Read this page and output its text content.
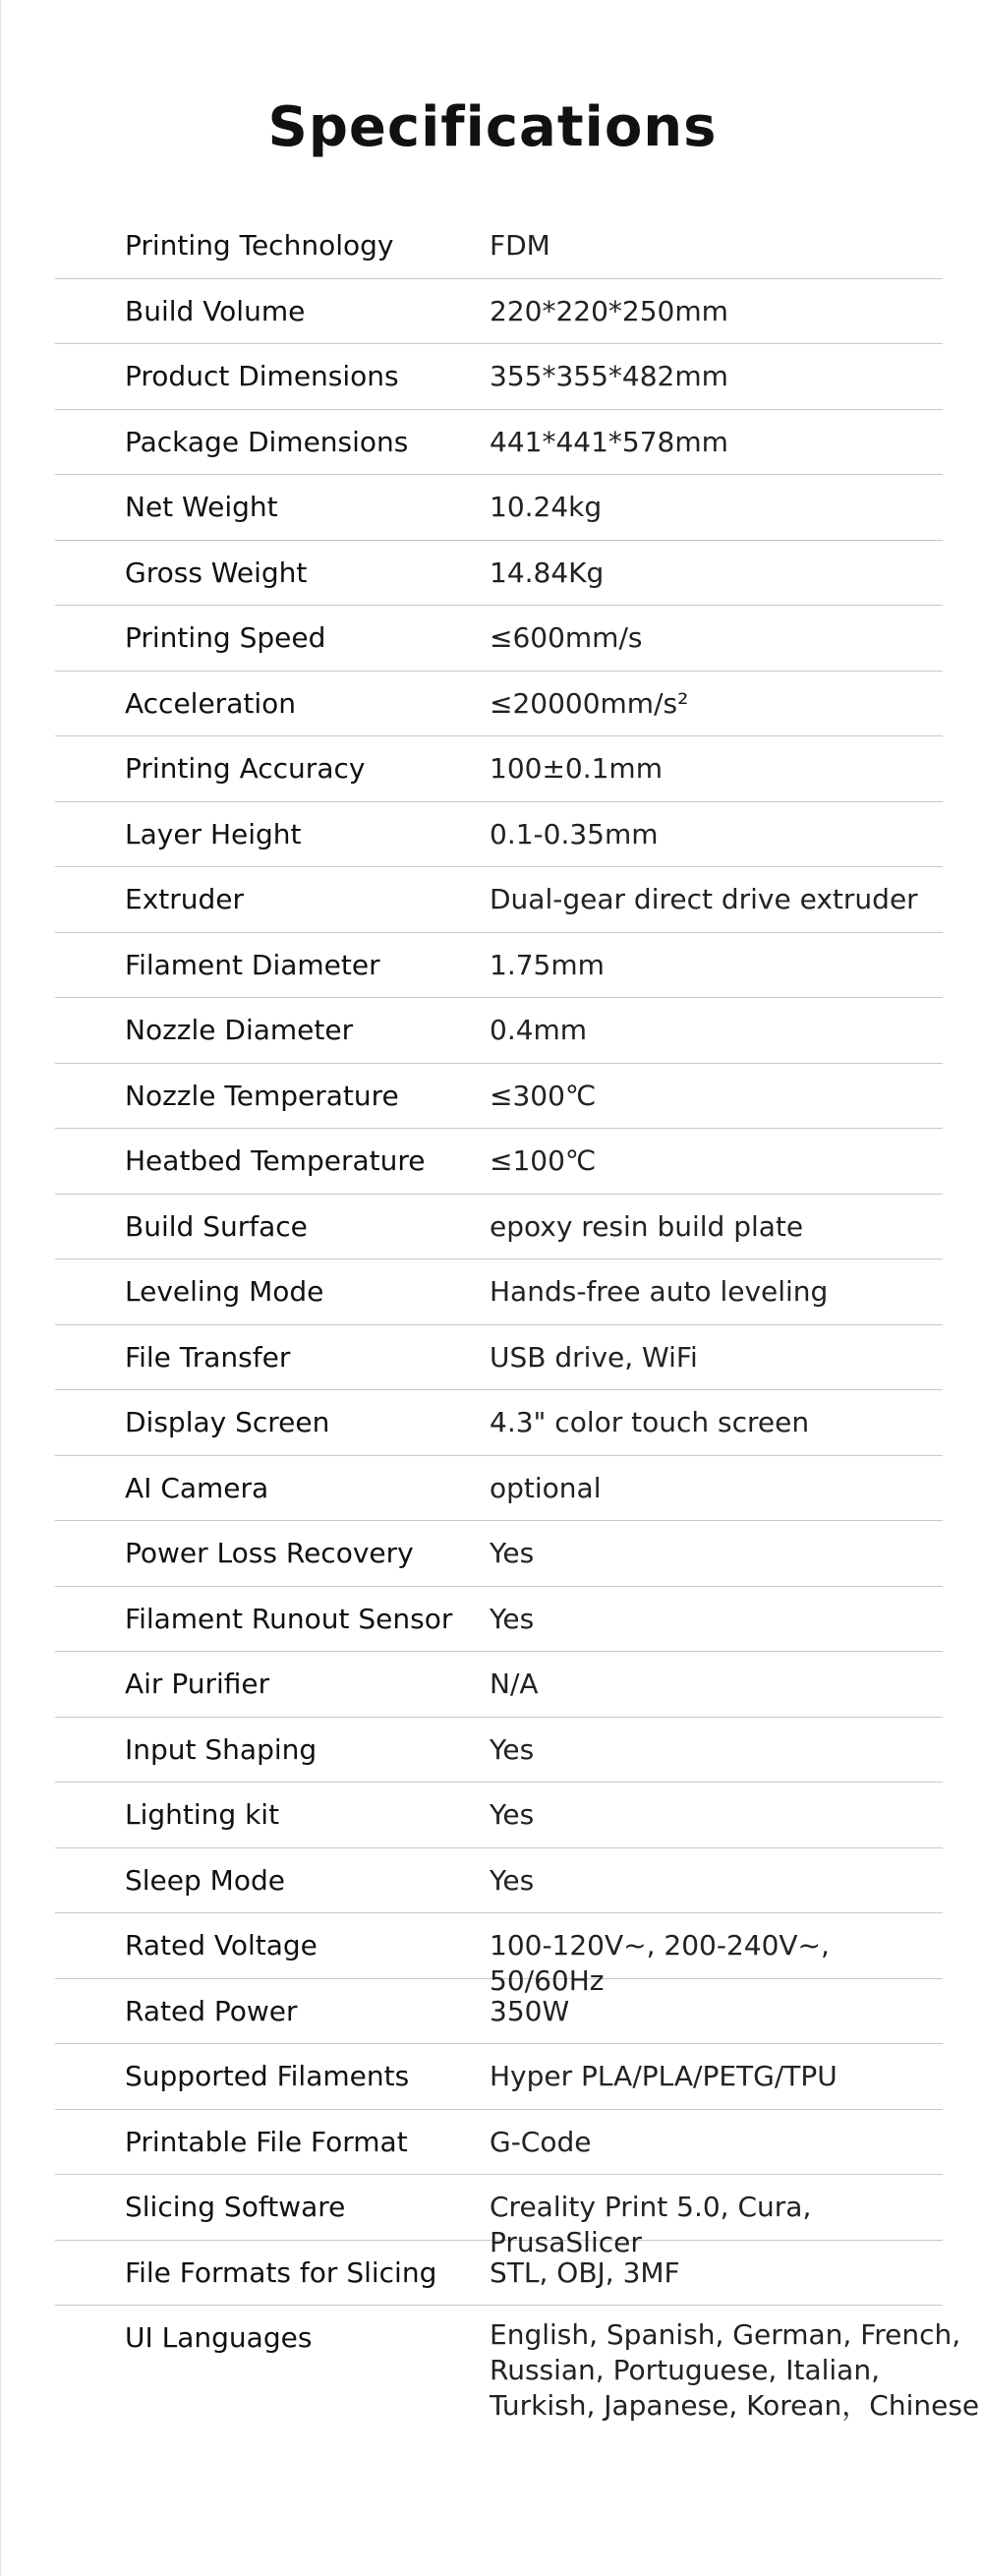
Specifications
Printing Technology	FDM
Build Volume	220*220*250mm
Product Dimensions	355*355*482mm
Package Dimensions	441*441*578mm
Net Weight	10.24kg
Gross Weight	14.84Kg
Printing Speed	≤600mm/s
Acceleration	≤20000mm/s²
Printing Accuracy	100±0.1mm
Layer Height	0.1-0.35mm
Extruder	Dual-gear direct drive extruder
Filament Diameter	1.75mm
Nozzle Diameter	0.4mm
Nozzle Temperature	≤300℃
Heatbed Temperature ≤100℃
Build Surface	epoxy resin build plate
Leveling Mode	Hands-free auto leveling
File Transfer	USB drive, WiFi
Display Screen	4.3" color touch screen
AI Camera	optional
Power Loss Recovery	Yes
Filament Runout Sensor Yes
Air Purifier	N/A
Input Shaping	Yes
Lighting kit	Yes
Sleep Mode	Yes
Rated Voltage	100-120V~, 200-240V~, 50/60Hz
Rated Power	350W
Supported Filaments	Hyper PLA/PLA/PETG/TPU
Printable File Format	G-Code
Slicing Software	Creality Print 5.0, Cura, PrusaSlicer
File Formats for Slicing STL, OBJ, 3MF
UI Languages	English, Spanish, German, French,
Russian, Portuguese, Italian,
Turkish, Japanese, Korean，Chinese
